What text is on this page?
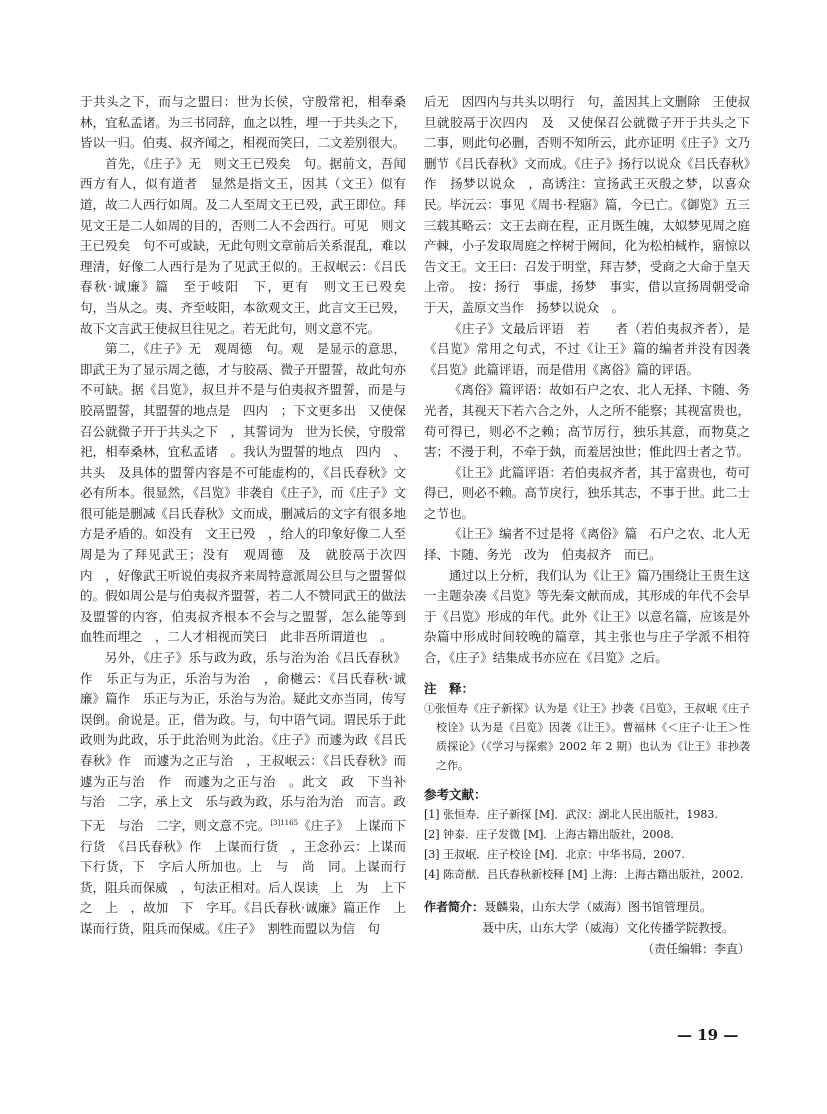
于共头之下，而与之盟曰：世为长侯，守殷常祀，相奉桑林，宜私孟诸。为三书同辞，血之以牲，埋一于共头之下，皆以一归。伯夷、叔齐闻之，相视而笑曰，二文差别很大。

首先，《庄子》无　则文王已殁矣　句。据前文，吾闻西方有人，似有道者　显然是指文王，因其（文王）似有道，故二人西行如周。及二人至周文王已殁，武王即位。拜见文王是二人如周的目的，否则二人不会西行。可见　则文王已殁矣　句不可或缺，无此句则文章前后关系混乱，难以理清，好像二人西行是为了见武王似的。王叔岷云：《吕氏春秋·诚廉》篇　至于岐阳　下，更有　则文王已殁矣　句，当从之。夷、齐至岐阳，本欲观文王，此言文王已殁，故下文言武王使叔旦往见之。若无此句，则文意不完。

第二，《庄子》无　观周德　句。观　是显示的意思，即武王为了显示周之德，才与胶鬲、微子开盟誓，故此句亦不可缺。据《吕览》，叔旦并不是与伯夷叔齐盟誓，而是与胶鬲盟誓，其盟誓的地点是　四内　；下文更多出　又使保召公就微子开于共头之下　，其誓词为　世为长侯，守殷常祀，相奉桑林，宜私孟诸　。我认为盟誓的地点　四内　、共头　及具体的盟誓内容是不可能虚构的，《吕氏春秋》文必有所本。很显然，《吕览》非袭自《庄子》，而《庄子》文很可能是删减《吕氏春秋》文而成，删减后的文字有很多地方是矛盾的。如没有　文王已殁　，给人的印象好像二人至周是为了拜见武王；没有　观周德　及　就胶鬲于次四内　，好像武王听说伯夷叔齐来周特意派周公旦与之盟誓似的。假如周公是与伯夷叔齐盟誓，若二人不赞同武王的做法及盟誓的内容，伯夷叔齐根本不会与之盟誓，怎么能等到　血牲而埋之　，二人才相视而笑曰　此非吾所谓道也　。

另外，《庄子》乐与政为政，乐与治为治《吕氏春秋》作　乐正与为正，乐治与为治　，俞樾云：《吕氏春秋·诚廉》篇作　乐正与为正，乐治与为治。疑此文亦当同，传写误倒。俞说是。正，借为政。与，句中语气词。谓民乐于此政则为此政，乐于此治则为此治。《庄子》而遽为政《吕氏春秋》作　而遽为之正与治　，王叔岷云：《吕氏春秋》而遽为正与治　作　而遽为之正与治　。此文　政　下当补　与治　二字，承上文　乐与政为政，乐与治为治　而言。政　下无　与治　二字，则文意不完。$^{[3]1165}$《庄子》　上谋而下行货　《吕氏春秋》作　上谋而行货　，王念孙云：上谋而下行货，下　字后人所加也。上　与　尚　同。上谋而行货，阻兵而保威　，句法正相对。后人误读　上　为　上下　之　上　，故加　下　字耳。《吕氏春秋·诚廉》篇正作　上谋而行货，阻兵而保威。《庄子》　割牲而盟以为信　句

后无　因四内与共头以明行　句，盖因其上文删除　王使叔旦就胶鬲于次四内　及　又使保召公就微子开于共头之下　二事，则此句必删，否则不知所云，此亦证明《庄子》文乃删节《吕氏春秋》文而成。《庄子》扬行以说众《吕氏春秋》作　扬梦以说众　，高诱注：宣扬武王灭殷之梦，以喜众民。毕沅云：事见《周书·程寤》篇，今已亡。《御览》五三三载其略云：文王去商在程，正月既生魄，太姒梦见周之庭产棘，小子发取周庭之梓树于阙间，化为松柏棫柞，寤惊以告文王。文王曰：召发于明堂，拜吉梦，受商之大命于皇天上帝。　按：扬行　事虚，扬梦　事实，借以宣扬周朝受命于天，盖原文当作　扬梦以说众　。

《庄子》文最后评语　若　　者（若伯夷叔齐者），是《吕览》常用之句式，不过《让王》篇的编者并没有因袭《吕览》此篇评语，而是借用《离俗》篇的评语。

《离俗》篇评语：故如石户之农、北人无择、卞随、务光者，其视天下若六合之外，人之所不能察；其视富贵也，苟可得已，则必不之赖；高节厉行，独乐其意，而物莫之害；不漫于利，不牵于埶，而羞居浊世；惟此四士者之节。

《让王》此篇评语：若伯夷叔齐者，其于富贵也，苟可得已，则必不赖。高节戾行，独乐其志，不事于世。此二士之节也。

《让王》编者不过是将《离俗》篇　石户之农、北人无择、卞随、务光　改为　伯夷叔齐　而已。

通过以上分析，我们认为《让王》篇乃围绕让王贵生这一主题杂凑《吕览》等先秦文献而成，其形成的年代不会早于《吕览》形成的年代。此外《让王》以意名篇，应该是外杂篇中形成时间较晚的篇章，其主张也与庄子学派不相符合，《庄子》结集成书亦应在《吕览》之后。

注　释：

①张恒寿《庄子新探》认为是《让王》抄袭《吕览》，王叔岷《庄子校诠》认为是《吕览》因袭《让王》。曹福林《＜庄子·让王＞性质探论》（《学习与探索》2002 年 2 期）也认为《让王》非抄袭之作。

参考文献：
[1] 张恒寿．庄子新探 [M]．武汉：湖北人民出版社，1983.
[2] 钟泰．庄子发微 [M]．上海古籍出版社，2008.
[3] 王叔岷．庄子校诠 [M]．北京：中华书局，2007.
[4] 陈奇猷．吕氏春秋新校释 [M] 上海：上海古籍出版社，2002.
作者简介：聂麟枭，山东大学（威海）图书馆管理员。
聂中庆，山东大学（威海）文化传播学院教授。
（责任编辑：李直）
— 19 —
